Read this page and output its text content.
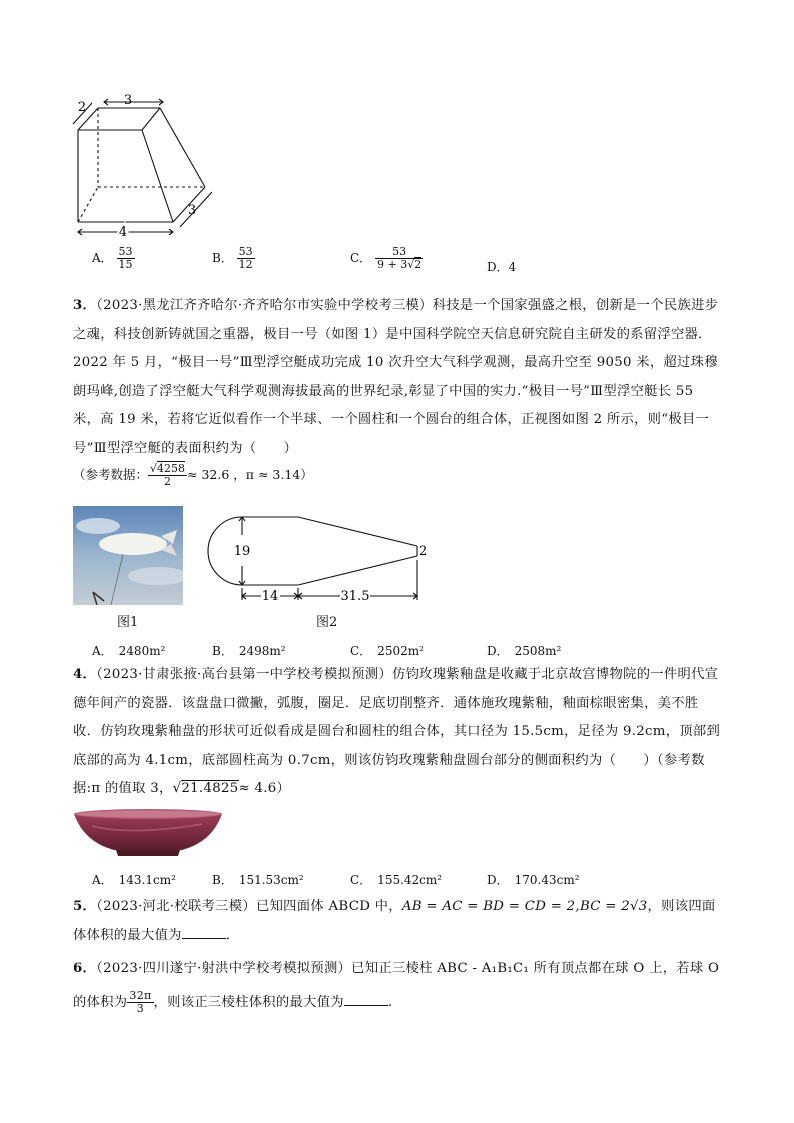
3
2
3
4
A． $\frac{53}{15}$	B． $\frac{53}{12}$	C． $\frac{53}{9 + 3√2}$	D．4

3．（2023·黑龙江齐齐哈尔·齐齐哈尔市实验中学校考三模）科技是一个国家强盛之根，创新是一个民族进步之魂，科技创新铸就国之重器，极目一号（如图 1）是中国科学院空天信息研究院自主研发的系留浮空器．2022 年 5 月，“极目一号”Ⅲ型浮空艇成功完成 10 次升空大气科学观测，最高升空至 9050 米，超过珠穆朗玛峰,创造了浮空艇大气科学观测海拔最高的世界纪录,彰显了中国的实力.“极目一号”Ⅲ型浮空艇长 55 米，高 19 米，若将它近似看作一个半球、一个圆柱和一个圆台的组合体，正视图如图 2 所示，则“极目一号”Ⅲ型浮空艇的表面积约为（　　）

（参考数据： $\frac{√4258}{2} \approx 32.6$ ，π ≈ 3.14）
图1
19	2
14	31.5
图2
A．　2480m²	B．　2498m²	C．　2502m²	D．　2508m²

4．（2023·甘肃张掖·高台县第一中学校考模拟预测）仿钧玫瑰紫釉盘是收藏于北京故宫博物院的一件明代宣德年间产的瓷器．该盘盘口微撇，弧腹，圈足．足底切削整齐．通体施玫瑰紫釉，釉面棕眼密集，美不胜收．仿钧玫瑰紫釉盘的形状可近似看成是圆台和圆柱的组合体，其口径为 15.5cm，足径为 9.2cm，顶部到底部的高为 4.1cm，底部圆柱高为 0.7cm，则该仿钧玫瑰紫釉盘圆台部分的侧面积约为（　　）（参考数据:π 的值取 3，√21.4825≈ 4.6）

A．　143.1cm²	B．　151.53cm²	C．　155.42cm²	D．　170.43cm²

5．（2023·河北·校联考三模）已知四面体 ABCD 中，AB = AC = BD = CD = 2,BC = 2√3，则该四面体体积的最大值为	．

6．（2023·四川遂宁·射洪中学校考模拟预测）已知正三棱柱 ABC - A₁B₁C₁ 所有顶点都在球 O 上，若球 O 的体积为 $\frac{32\pi}{3}$ ，则该正三棱柱体积的最大值为	.
